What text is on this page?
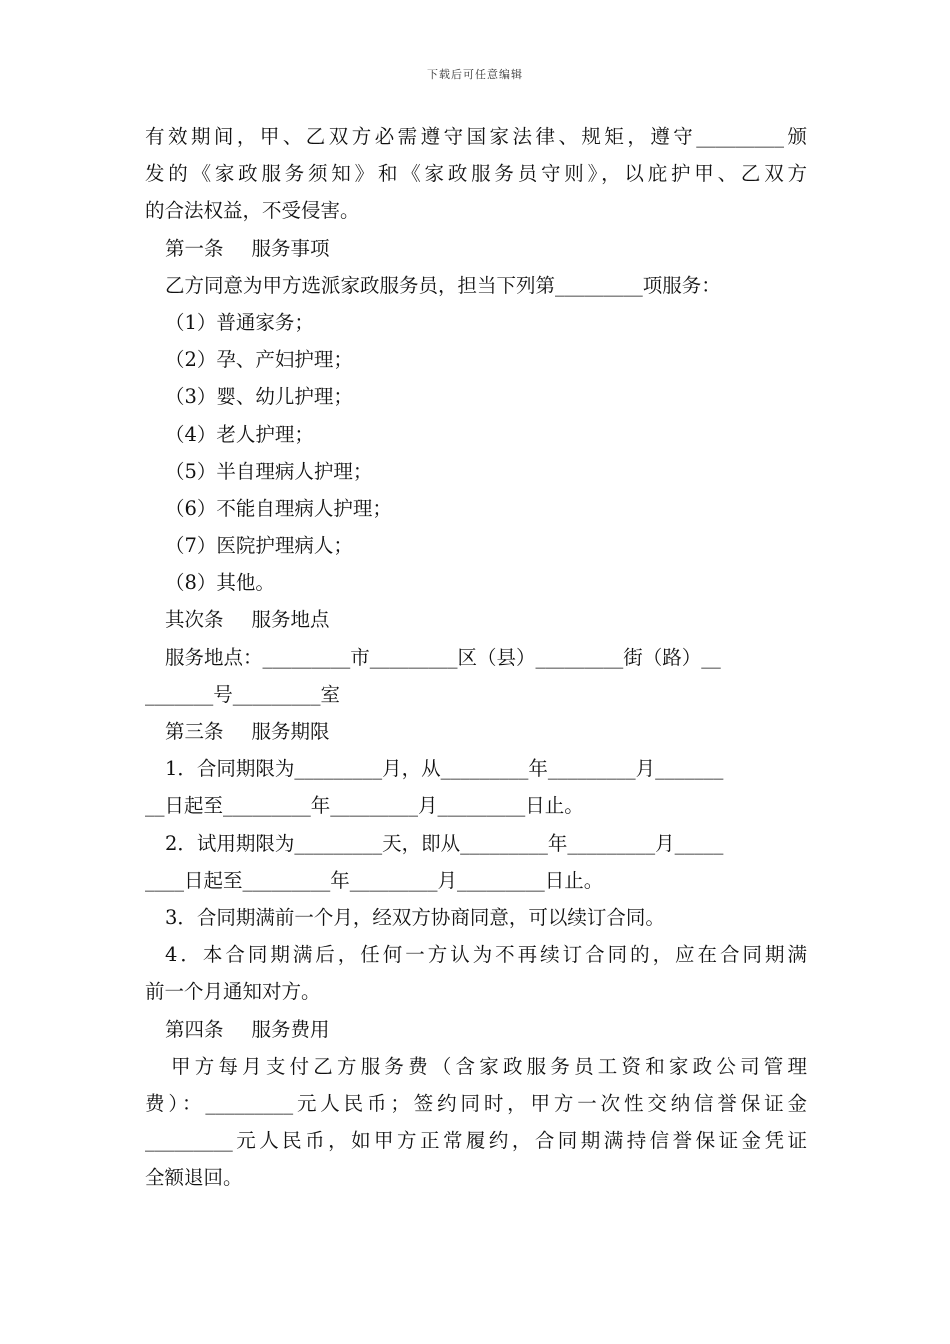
下载后可任意编辑
有效期间，甲、乙双方必需遵守国家法律、规矩，遵守_________颁
发的《家政服务须知》和《家政服务员守则》，以庇护甲、乙双方
的合法权益，不受侵害。
第一条 服务事项
乙方同意为甲方选派家政服务员，担当下列第_________项服务：
（1）普通家务；
（2）孕、产妇护理；
（3）婴、幼儿护理；
（4）老人护理；
（5）半自理病人护理；
（6）不能自理病人护理；
（7）医院护理病人；
（8）其他。
其次条 服务地点
服务地点：_________市_________区（县）_________街（路）__
_______号_________室
第三条 服务期限
1．合同期限为_________月，从_________年_________月_______
__日起至_________年_________月_________日止。
2．试用期限为_________天，即从_________年_________月_____
____日起至_________年_________月_________日止。
3．合同期满前一个月，经双方协商同意，可以续订合同。
4．本合同期满后，任何一方认为不再续订合同的，应在合同期满
前一个月通知对方。
第四条 服务费用
甲方每月支付乙方服务费（含家政服务员工资和家政公司管理
费）：_________元人民币；签约同时，甲方一次性交纳信誉保证金
_________元人民币，如甲方正常履约，合同期满持信誉保证金凭证
全额退回。
